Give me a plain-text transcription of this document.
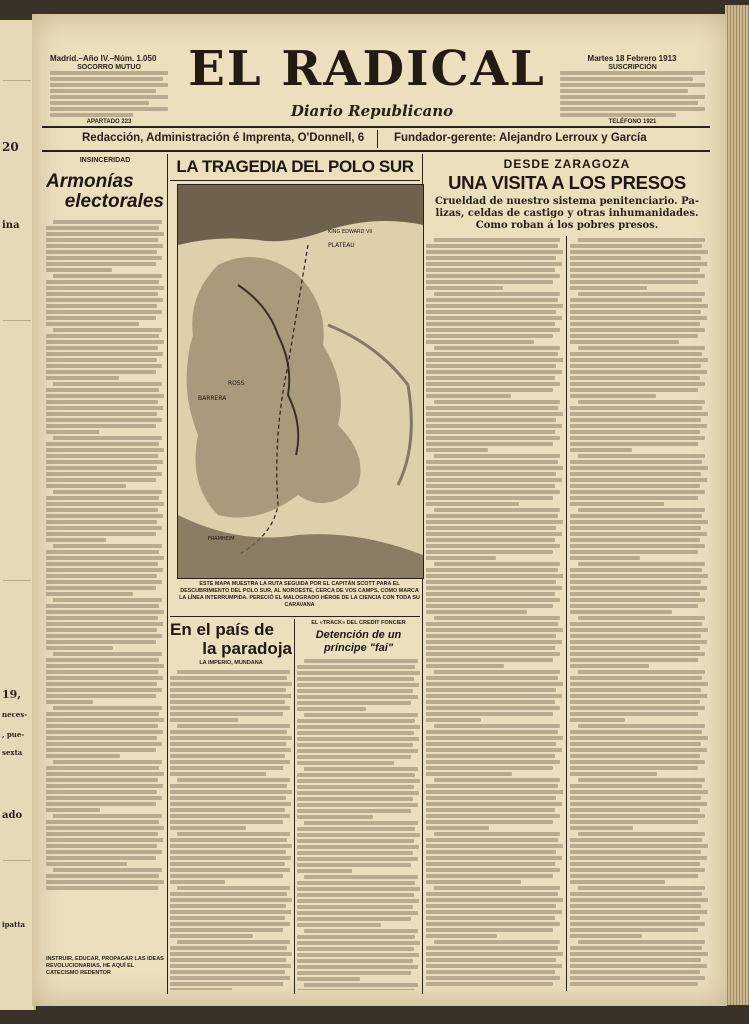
20
ina
19,
neces-
, pue-
sexta
ado
ipatta
Madrid.–Año IV.–Núm. 1.050	Martes 18 Febrero 1913
SOCORRO MUTUO
APARTADO 223
EL RADICAL
Diario Republicano
SUSCRIPCIÓN
TELÉFONO 1921
Redacción, Administración é Imprenta, O'Donnell, 6	Fundador-gerente: Alejandro Lerroux y García
INSINCERIDAD
Armonías
electorales
INSTRUIR, EDUCAR, PROPAGAR LAS IDEAS REVOLUCIONARIAS, HE AQUÍ EL CATECISMO REDENTOR
LA TRAGEDIA DEL POLO SUR
PLATEAU
KING EDWARD VII
ROSS
BARRERA
FRAMHEIM
ESTE MAPA MUESTRA LA RUTA SEGUIDA POR EL CAPITÁN SCOTT PARA EL DESCUBRIMIENTO DEL POLO SUR, AL NOROESTE, CERCA DE VOS CAMPS, COMO MARCA LA LÍNEA INTERRUMPIDA. PERECIÓ EL MALOGRADO HÉROE DE LA CIENCIA CON TODA SU CARAVANA
En el país de
la paradoja
LA IMPERIO, MUNDANA
EL «TRACK» DEL CRÉDIT FONCIER
Detención de un príncipe "fai"
DESDE ZARAGOZA
UNA VISITA A LOS PRESOS
Crueldad de nuestro sistema penitenciario. Pa-
lizas, celdas de castigo y otras inhumanidades.
Como roban á los pobres presos.
